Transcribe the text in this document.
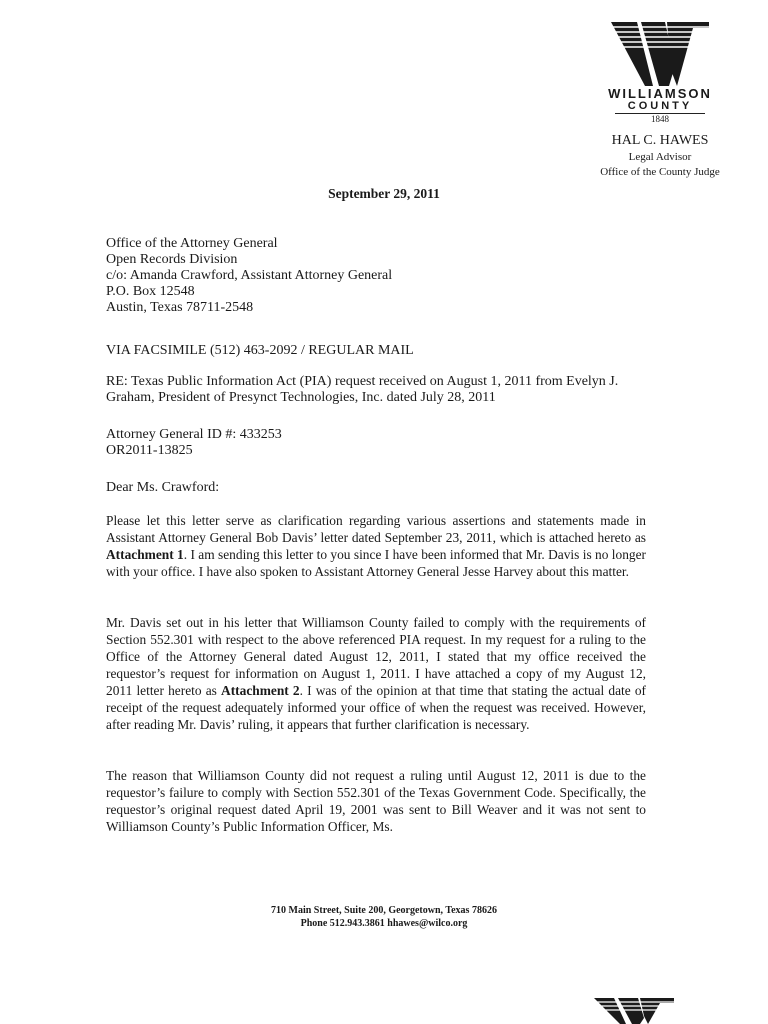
WILLIAMSON
COUNTY
1848
HAL C. HAWES
Legal Advisor
Office of the County Judge
September 29, 2011
Office of the Attorney General
Open Records Division
c/o: Amanda Crawford, Assistant Attorney General
P.O. Box 12548
Austin, Texas 78711-2548
VIA FACSIMILE (512) 463-2092 / REGULAR MAIL
RE: Texas Public Information Act (PIA) request received on August 1, 2011 from Evelyn J. Graham, President of Presynct Technologies, Inc. dated July 28, 2011
Attorney General ID #: 433253
OR2011-13825
Dear Ms. Crawford:
Please let this letter serve as clarification regarding various assertions and statements made in Assistant Attorney General Bob Davis’ letter dated September 23, 2011, which is attached hereto as Attachment 1. I am sending this letter to you since I have been informed that Mr. Davis is no longer with your office. I have also spoken to Assistant Attorney General Jesse Harvey about this matter.
Mr. Davis set out in his letter that Williamson County failed to comply with the requirements of Section 552.301 with respect to the above referenced PIA request. In my request for a ruling to the Office of the Attorney General dated August 12, 2011, I stated that my office received the requestor’s request for information on August 1, 2011. I have attached a copy of my August 12, 2011 letter hereto as Attachment 2. I was of the opinion at that time that stating the actual date of receipt of the request adequately informed your office of when the request was received. However, after reading Mr. Davis’ ruling, it appears that further clarification is necessary.
The reason that Williamson County did not request a ruling until August 12, 2011 is due to the requestor’s failure to comply with Section 552.301 of the Texas Government Code. Specifically, the requestor’s original request dated April 19, 2001 was sent to Bill Weaver and it was not sent to Williamson County’s Public Information Officer, Ms.
710 Main Street, Suite 200, Georgetown, Texas 78626
Phone 512.943.3861 hhawes@wilco.org
